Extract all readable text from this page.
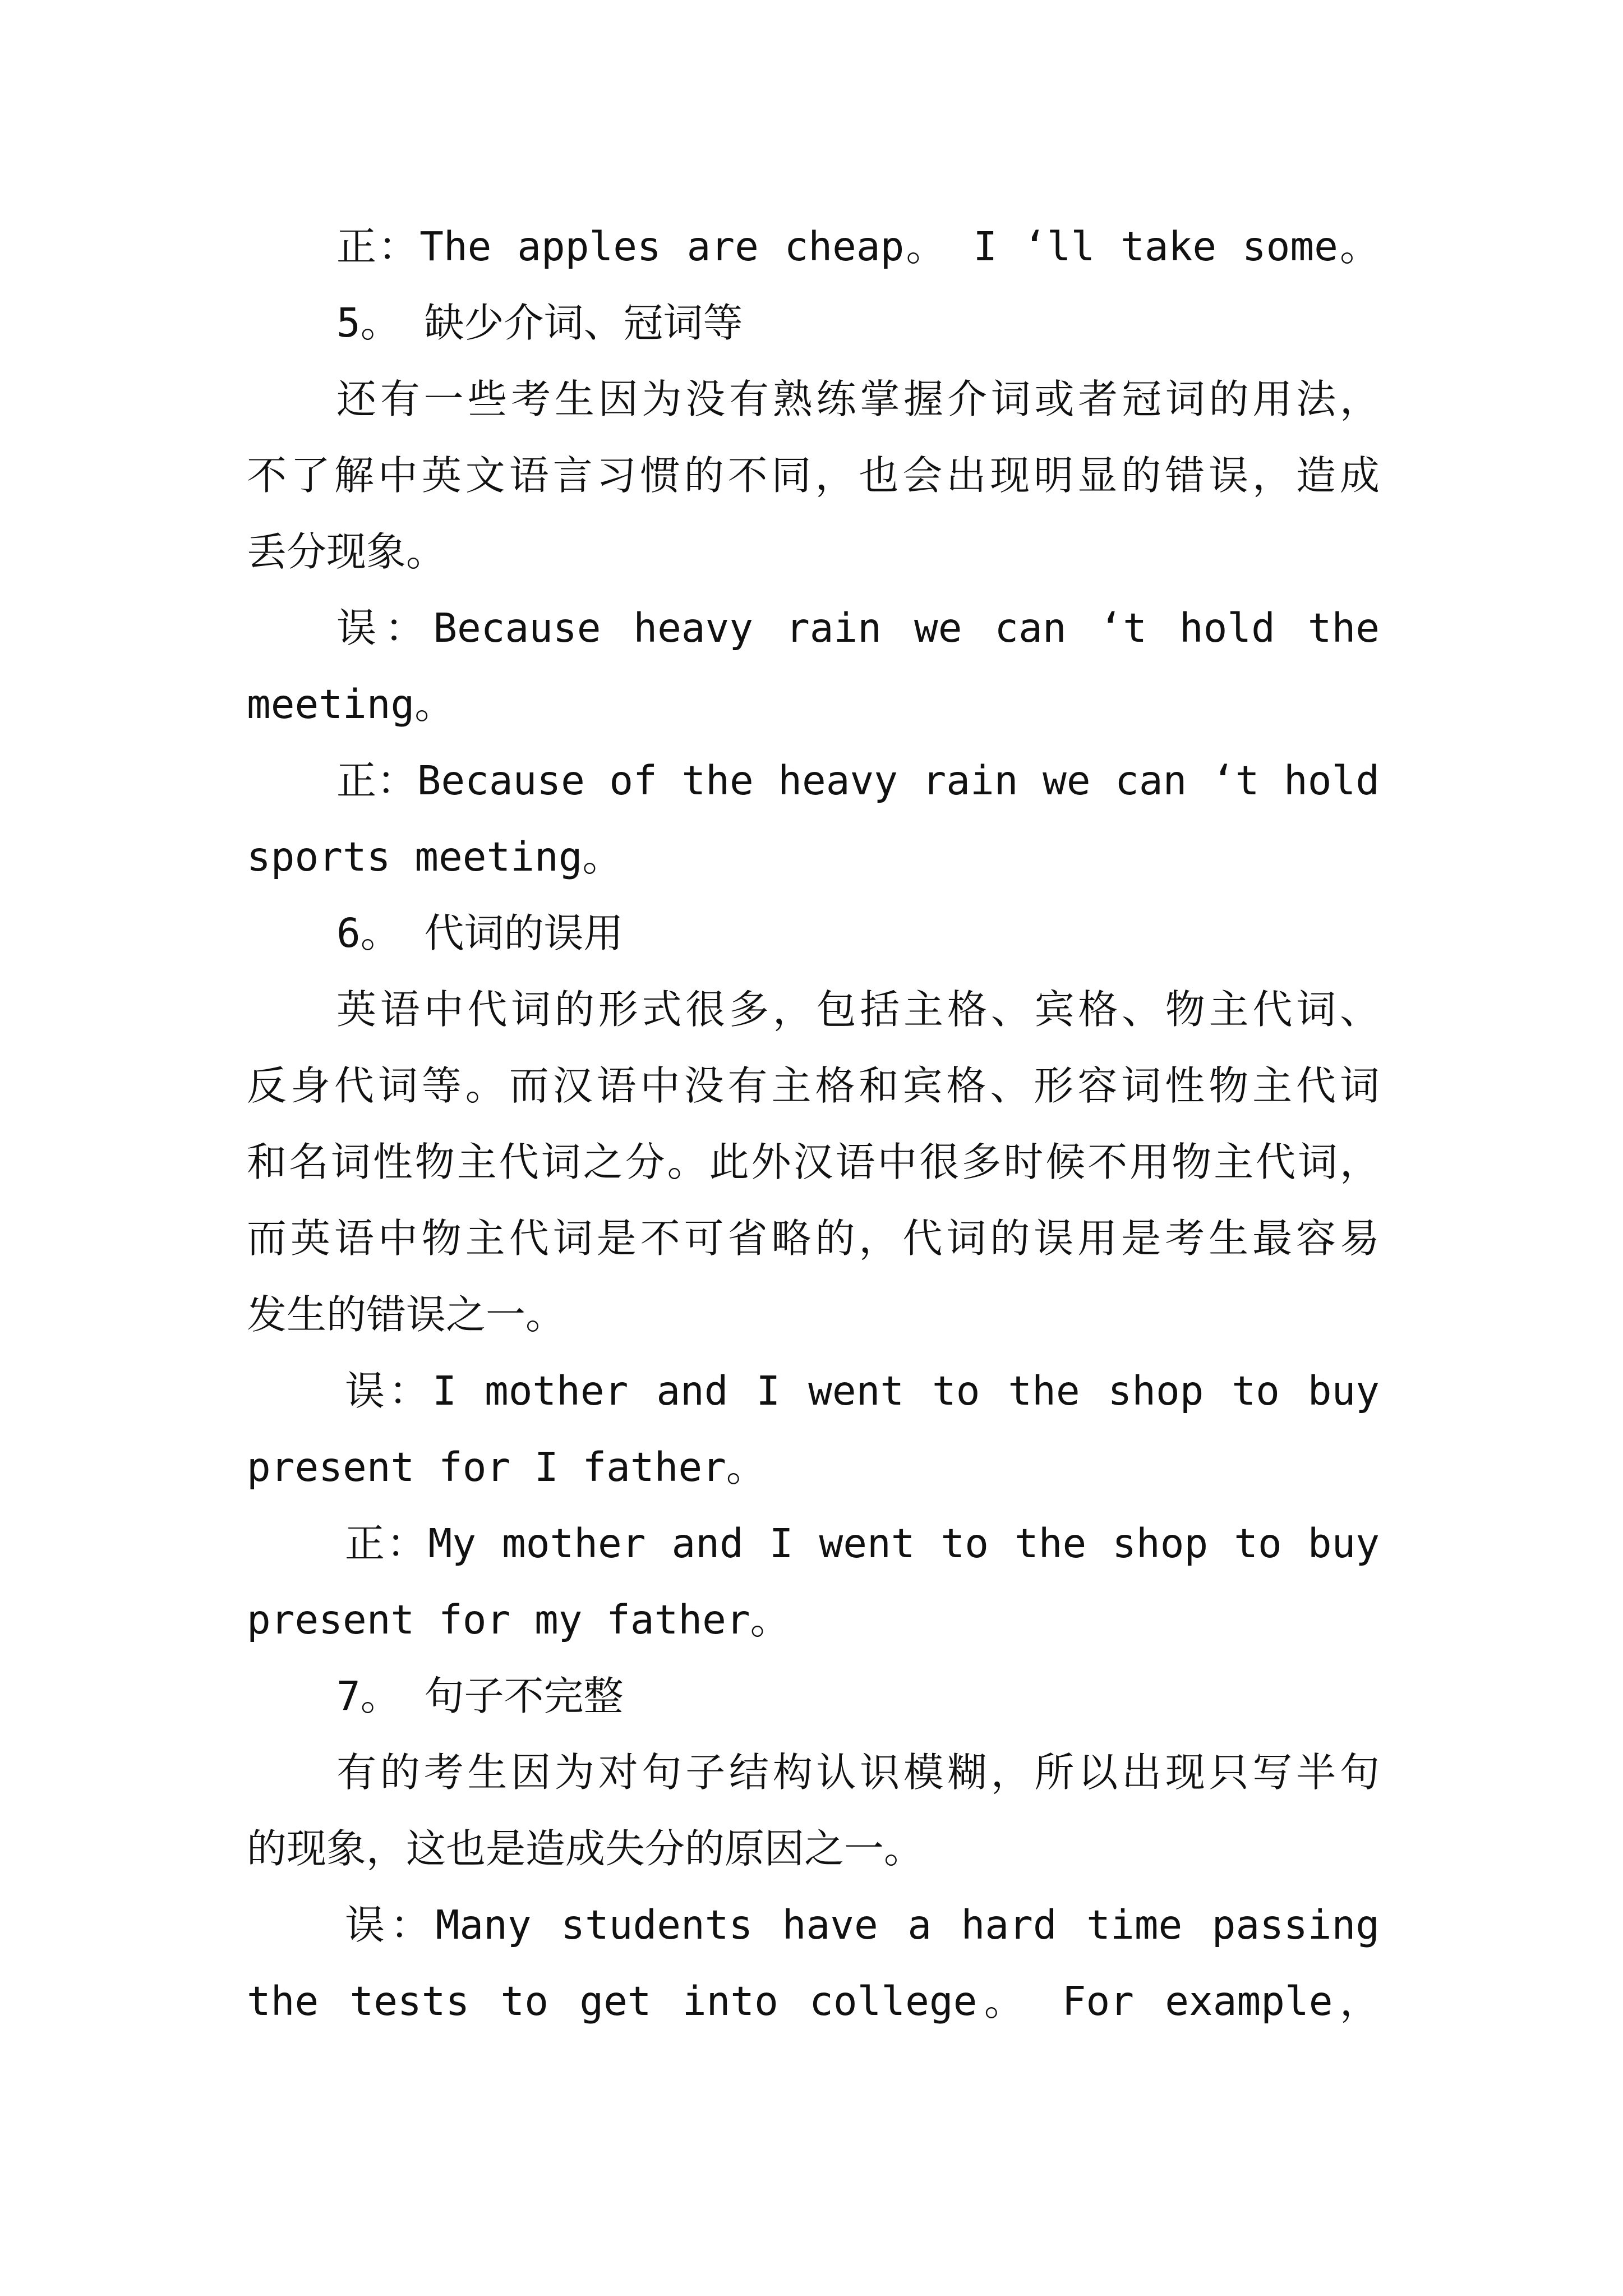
正：The apples are cheap。 I ‘ll take some。
5。 缺少介词、冠词等
还有一些考生因为没有熟练掌握介词或者冠词的用法，
不了解中英文语言习惯的不同，也会出现明显的错误，造成
丢分现象。
误：Because heavy rain we can ‘t hold the
meeting。
正：Because of the heavy rain we can ‘t hold
sports meeting。
6。 代词的误用
英语中代词的形式很多，包括主格、宾格、物主代词、
反身代词等。而汉语中没有主格和宾格、形容词性物主代词
和名词性物主代词之分。此外汉语中很多时候不用物主代词，
而英语中物主代词是不可省略的，代词的误用是考生最容易
发生的错误之一。
误：I mother and I went to the shop to buy
present for I father。
正：My mother and I went to the shop to buy
present for my father。
7。 句子不完整
有的考生因为对句子结构认识模糊，所以出现只写半句
的现象，这也是造成失分的原因之一。
误：Many students have a hard time passing
the tests to get into college。 For example，
